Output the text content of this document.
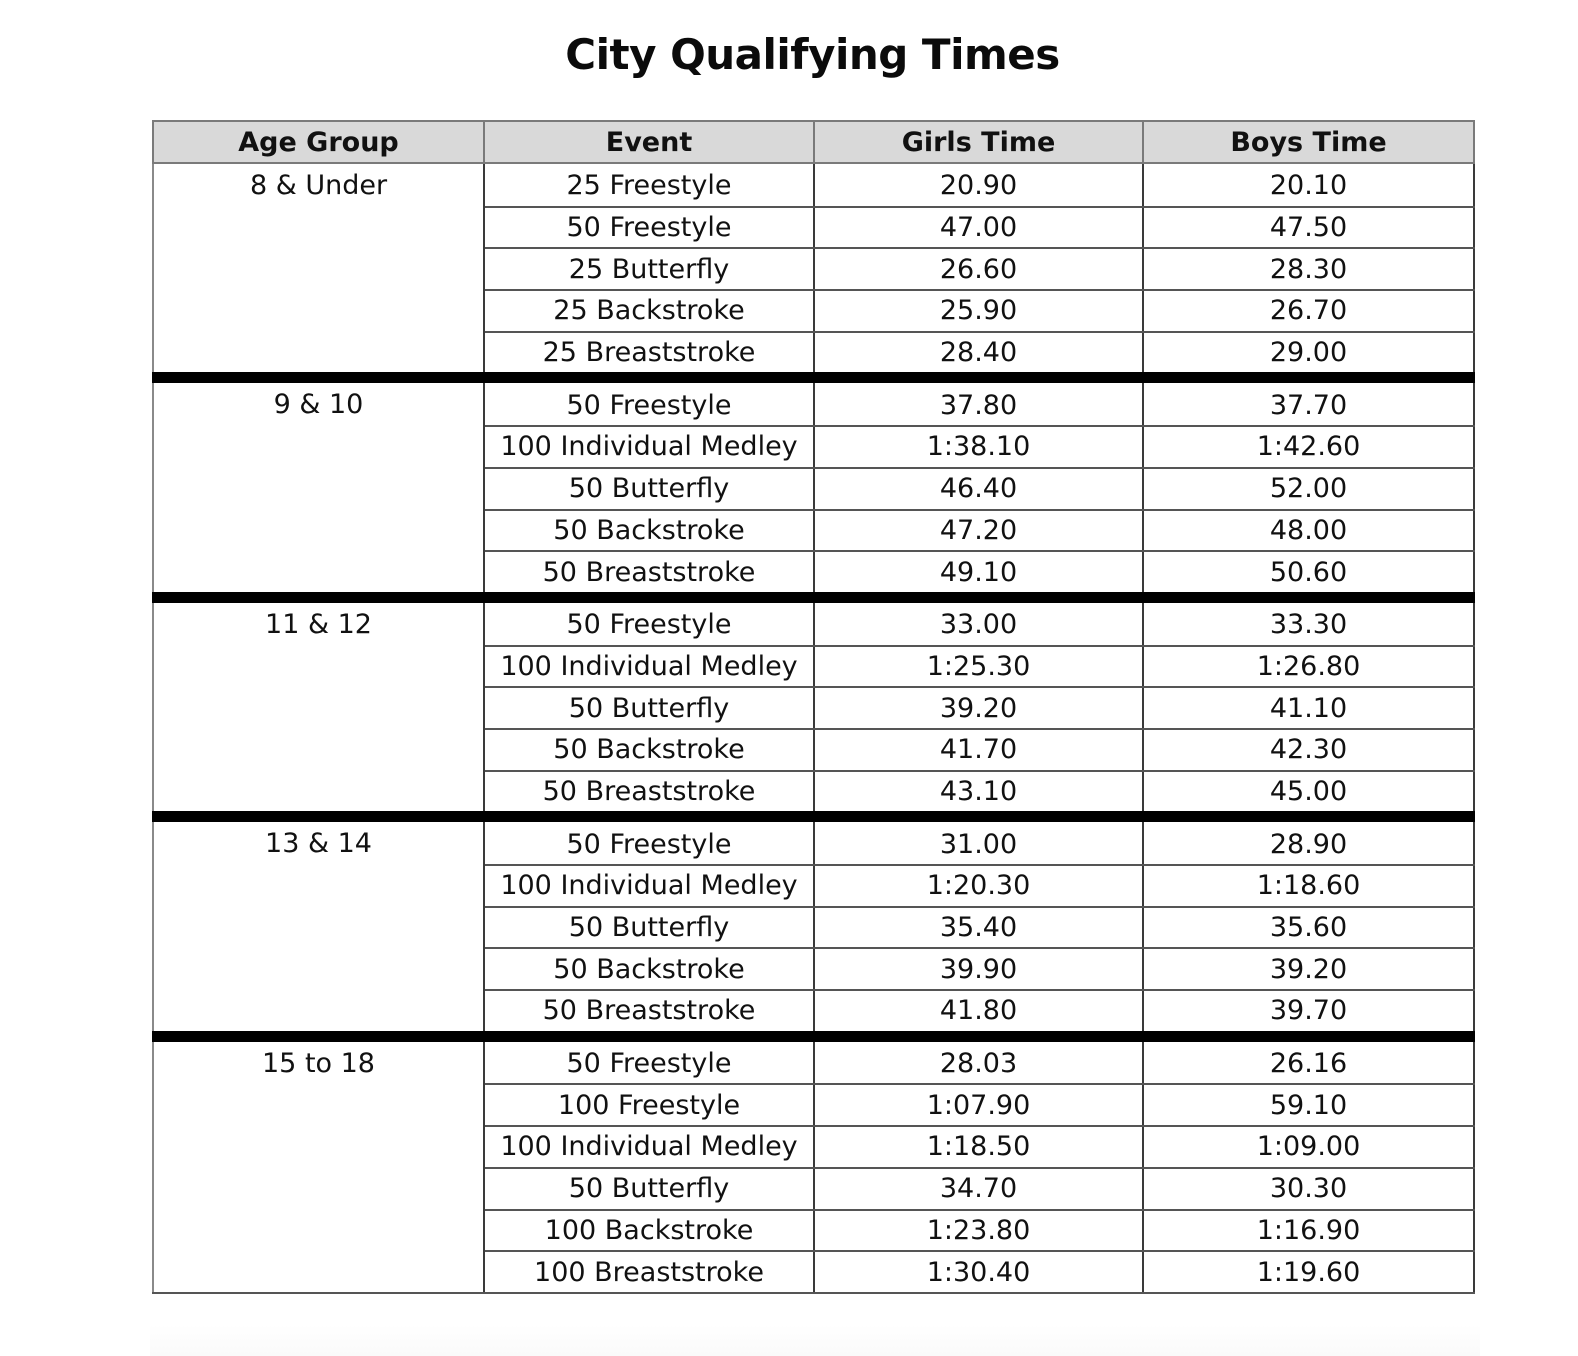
City Qualifying Times
Age Group	Event	Girls Time	Boys Time
8 & Under	25 Freestyle	20.90	20.10
	50 Freestyle	47.00	47.50
	25 Butterfly	26.60	28.30
	25 Backstroke	25.90	26.70
	25 Breaststroke	28.40	29.00
9 & 10	50 Freestyle	37.80	37.70
	100 Individual Medley	1:38.10	1:42.60
	50 Butterfly	46.40	52.00
	50 Backstroke	47.20	48.00
	50 Breaststroke	49.10	50.60
11 & 12	50 Freestyle	33.00	33.30
	100 Individual Medley	1:25.30	1:26.80
	50 Butterfly	39.20	41.10
	50 Backstroke	41.70	42.30
	50 Breaststroke	43.10	45.00
13 & 14	50 Freestyle	31.00	28.90
	100 Individual Medley	1:20.30	1:18.60
	50 Butterfly	35.40	35.60
	50 Backstroke	39.90	39.20
	50 Breaststroke	41.80	39.70
15 to 18	50 Freestyle	28.03	26.16
	100 Freestyle	1:07.90	59.10
	100 Individual Medley	1:18.50	1:09.00
	50 Butterfly	34.70	30.30
	100 Backstroke	1:23.80	1:16.90
	100 Breaststroke	1:30.40	1:19.60
